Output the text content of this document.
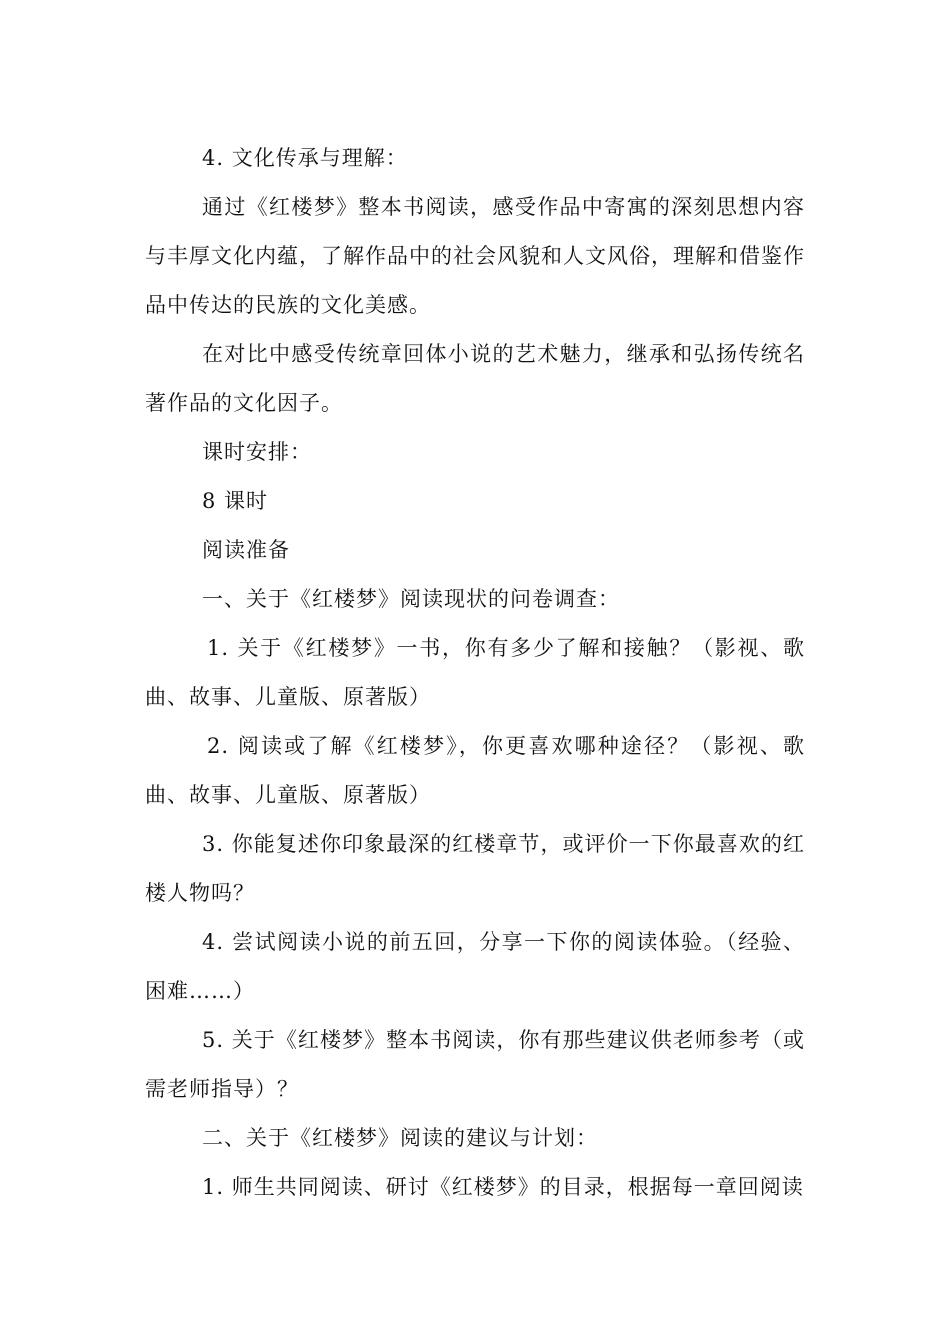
4. 文化传承与理解：

通过《红楼梦》整本书阅读，感受作品中寄寓的深刻思想内容与丰厚文化内蕴，了解作品中的社会风貌和人文风俗，理解和借鉴作品中传达的民族的文化美感。

在对比中感受传统章回体小说的艺术魅力，继承和弘扬传统名著作品的文化因子。

课时安排：

8 课时

阅读准备

一、关于《红楼梦》阅读现状的问卷调查：

1. 关于《红楼梦》一书，你有多少了解和接触？（影视、歌曲、故事、儿童版、原著版）

2. 阅读或了解《红楼梦》，你更喜欢哪种途径？（影视、歌曲、故事、儿童版、原著版）

3. 你能复述你印象最深的红楼章节，或评价一下你最喜欢的红楼人物吗？

4. 尝试阅读小说的前五回，分享一下你的阅读体验。（经验、困难……）

5. 关于《红楼梦》整本书阅读，你有那些建议供老师参考（或需老师指导）？

二、关于《红楼梦》阅读的建议与计划：

1. 师生共同阅读、研讨《红楼梦》的目录，根据每一章回阅读
